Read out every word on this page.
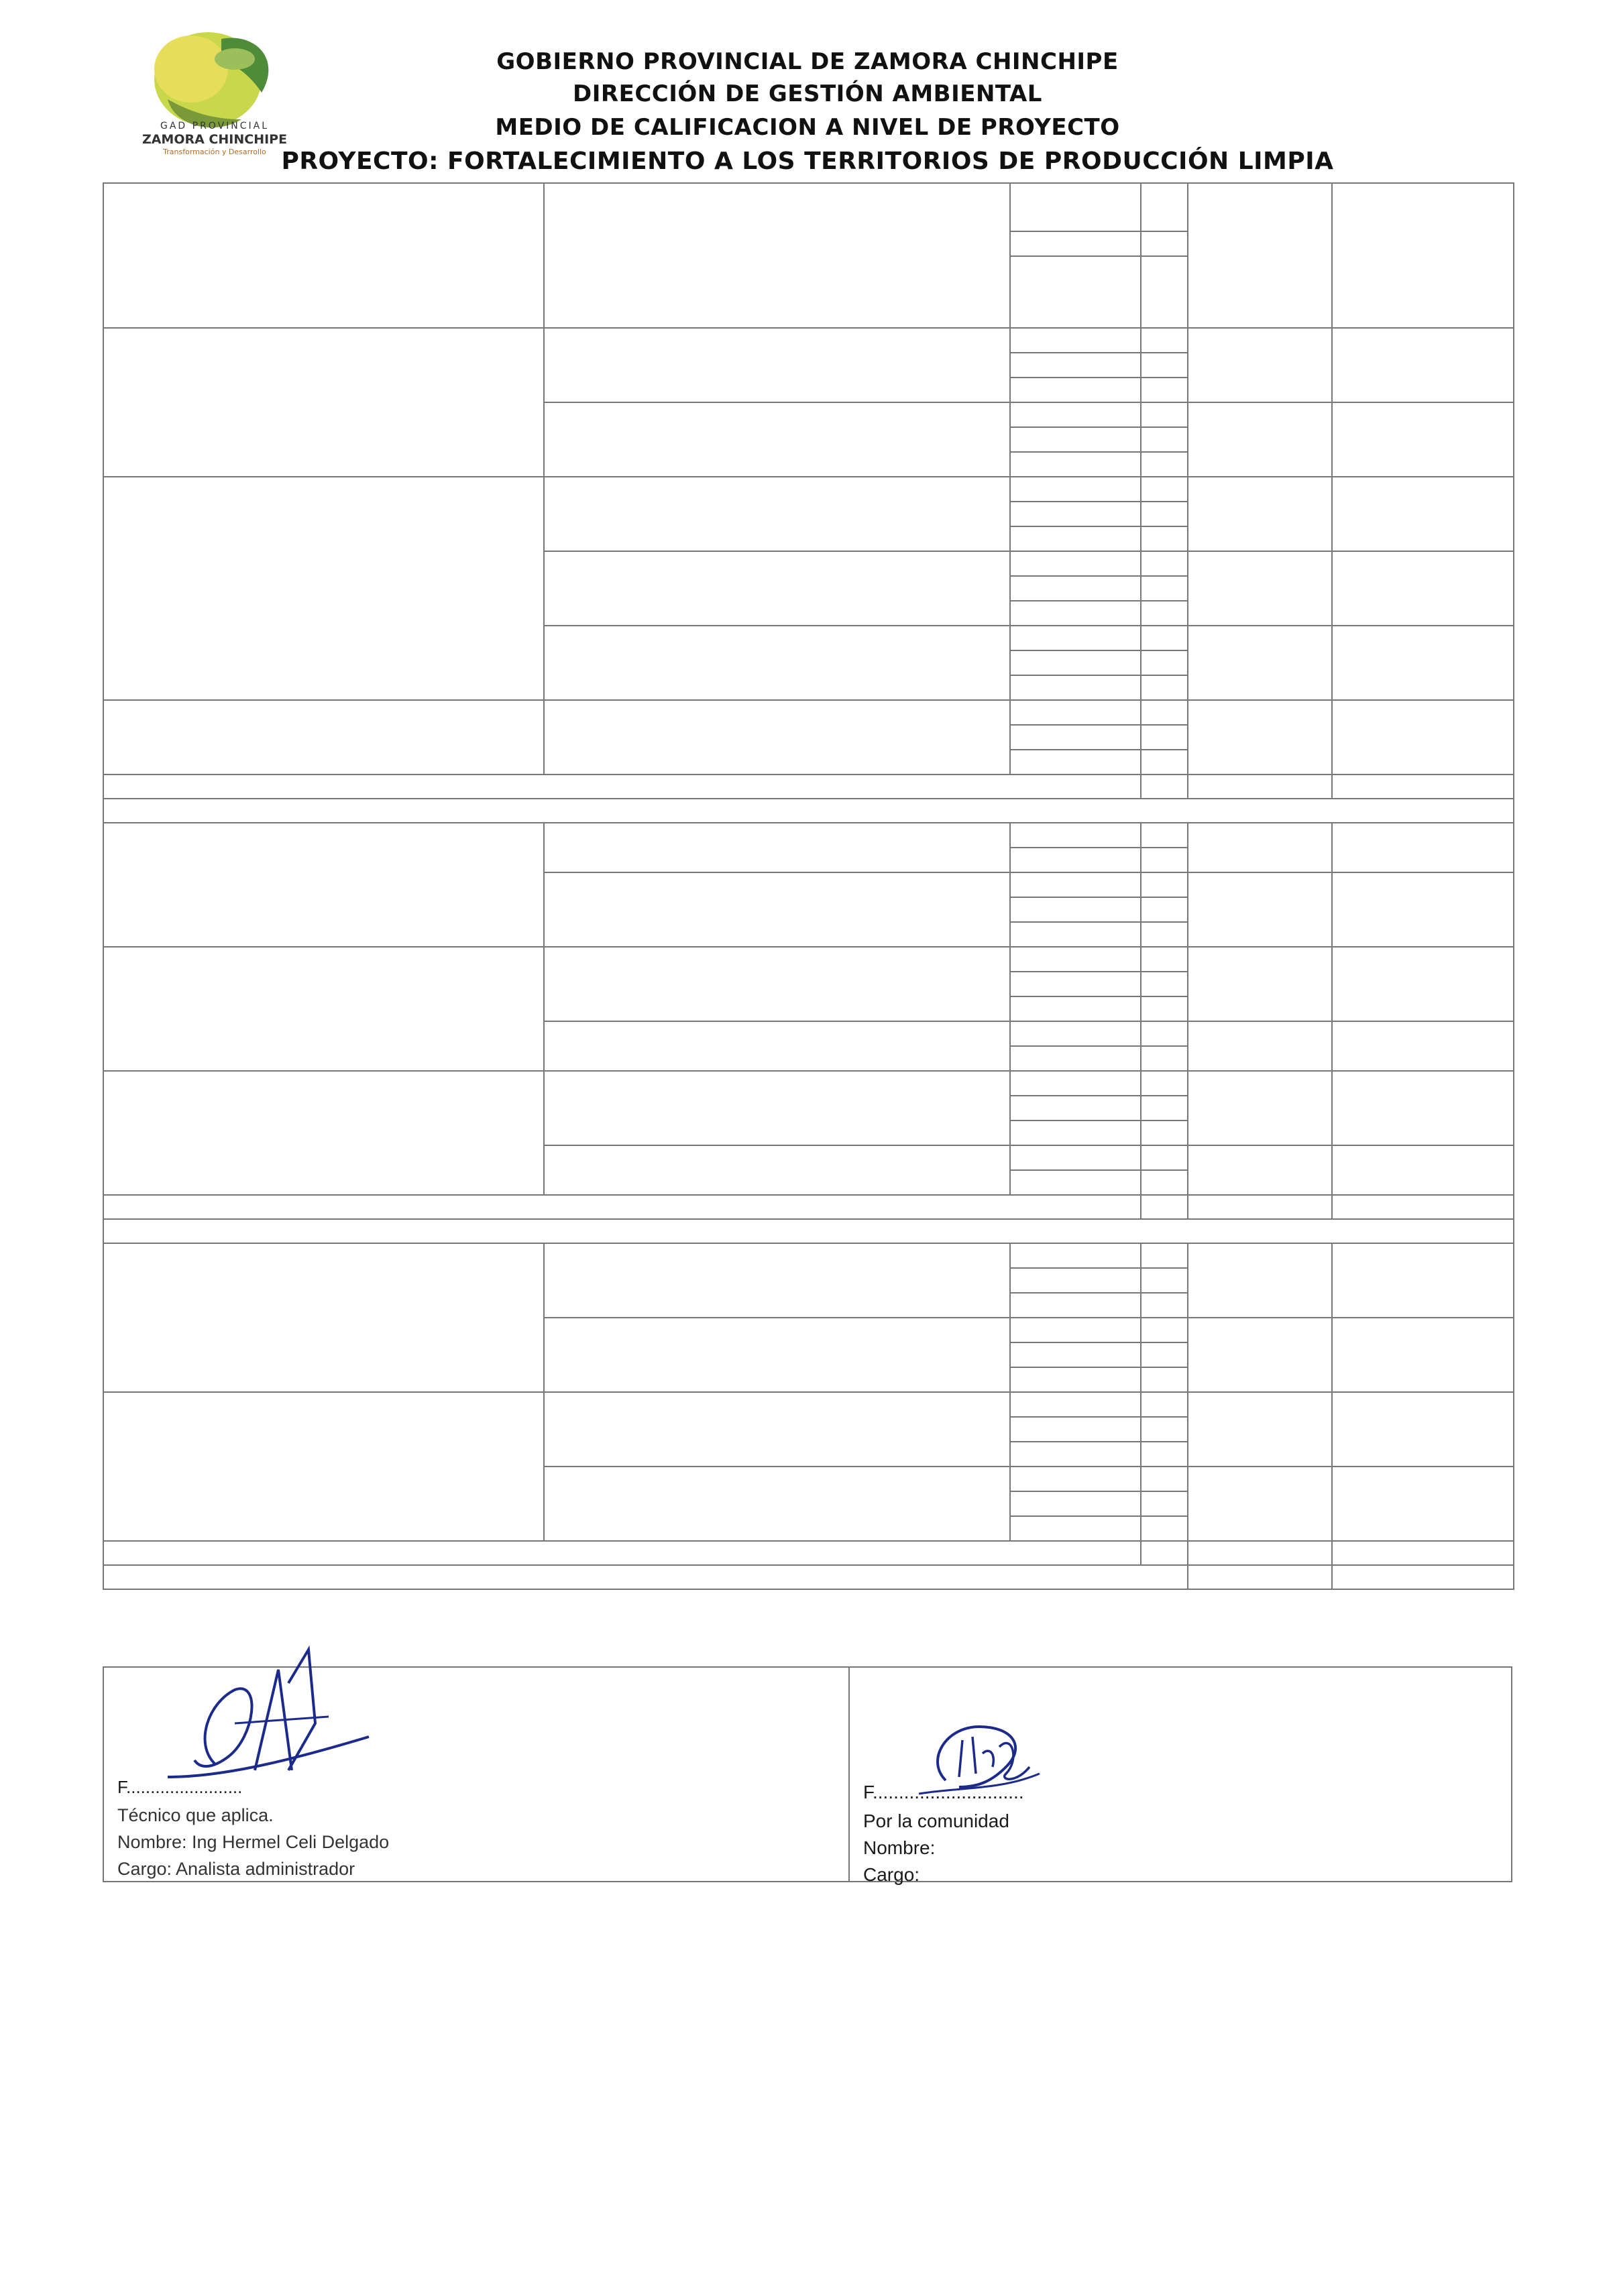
GAD PROVINCIAL
ZAMORA CHINCHIPE
Transformación y Desarrollo
GOBIERNO PROVINCIAL DE ZAMORA CHINCHIPE
DIRECCIÓN DE GESTIÓN AMBIENTAL
MEDIO DE CALIFICACION A NIVEL DE PROYECTO
PROYECTO: FORTALECIMIENTO A LOS TERRITORIOS DE PRODUCCIÓN LIMPIA
F........................
Técnico que aplica.
Nombre: Ing Hermel Celi Delgado
Cargo: Analista administrador
F.............................
Por la comunidad
Nombre:
Cargo:
